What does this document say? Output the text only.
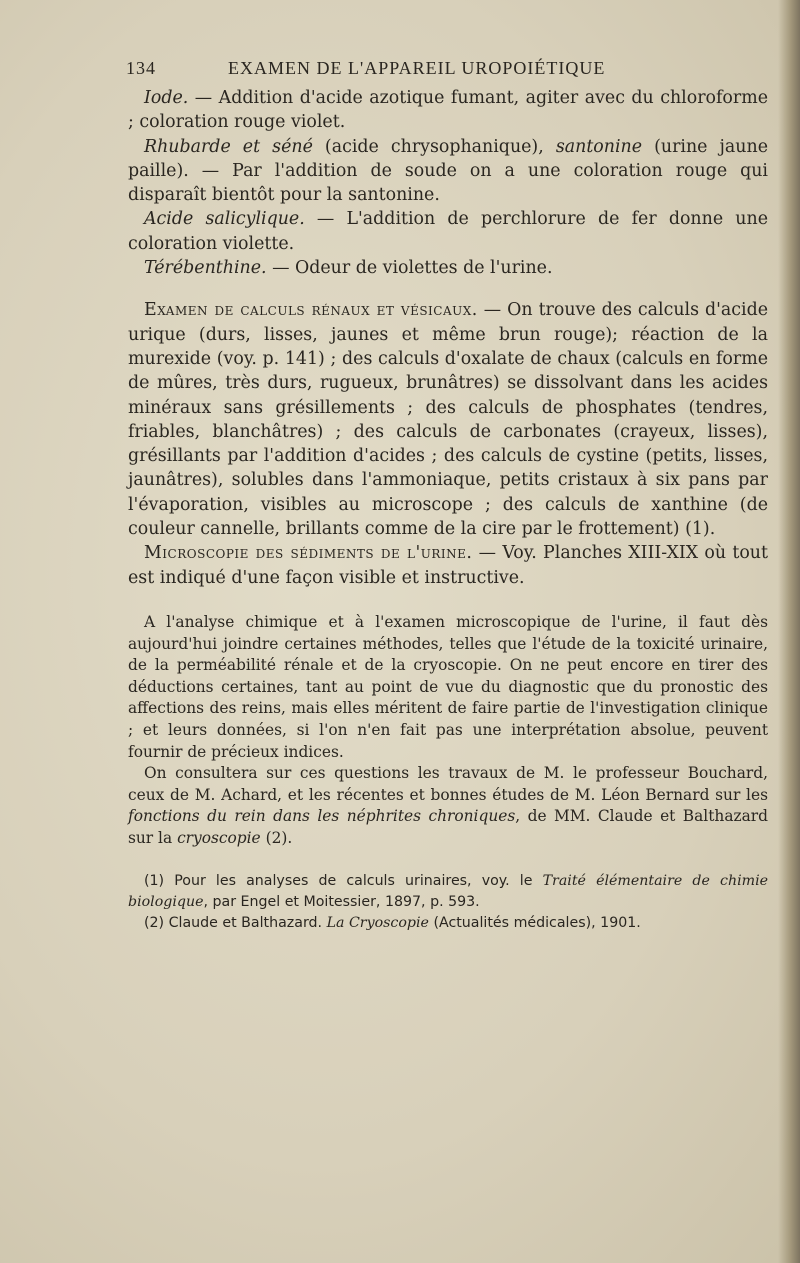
134	EXAMEN DE L'APPAREIL UROPOIÉTIQUE

Iode. — Addition d'acide azotique fumant, agiter avec du chloroforme ; coloration rouge violet.

Rhubarde et séné (acide chrysophanique), santonine (urine jaune paille). — Par l'addition de soude on a une coloration rouge qui disparaît bientôt pour la santonine.

Acide salicylique. — L'addition de perchlorure de fer donne une coloration violette.

Térébenthine. — Odeur de violettes de l'urine.

Examen de calculs rénaux et vésicaux. — On trouve des calculs d'acide urique (durs, lisses, jaunes et même brun rouge); réaction de la murexide (voy. p. 141) ; des calculs d'oxalate de chaux (calculs en forme de mûres, très durs, rugueux, brunâtres) se dissolvant dans les acides minéraux sans grésillements ; des calculs de phosphates (tendres, friables, blanchâtres) ; des calculs de carbonates (crayeux, lisses), grésillants par l'addition d'acides ; des calculs de cystine (petits, lisses, jaunâtres), solubles dans l'ammoniaque, petits cristaux à six pans par l'évaporation, visibles au microscope ; des calculs de xanthine (de couleur cannelle, brillants comme de la cire par le frottement) (1).

Microscopie des sédiments de l'urine. — Voy. Planches XIII-XIX où tout est indiqué d'une façon visible et instructive.

A l'analyse chimique et à l'examen microscopique de l'urine, il faut dès aujourd'hui joindre certaines méthodes, telles que l'étude de la toxicité urinaire, de la perméabilité rénale et de la cryoscopie. On ne peut encore en tirer des déductions certaines, tant au point de vue du diagnostic que du pronostic des affections des reins, mais elles méritent de faire partie de l'investigation clinique ; et leurs données, si l'on n'en fait pas une interprétation absolue, peuvent fournir de précieux indices.

On consultera sur ces questions les travaux de M. le professeur Bouchard, ceux de M. Achard, et les récentes et bonnes études de M. Léon Bernard sur les fonctions du rein dans les néphrites chroniques, de MM. Claude et Balthazard sur la cryoscopie (2).

(1) Pour les analyses de calculs urinaires, voy. le Traité élémentaire de chimie biologique, par Engel et Moitessier, 1897, p. 593.

(2) Claude et Balthazard. La Cryoscopie (Actualités médicales), 1901.
